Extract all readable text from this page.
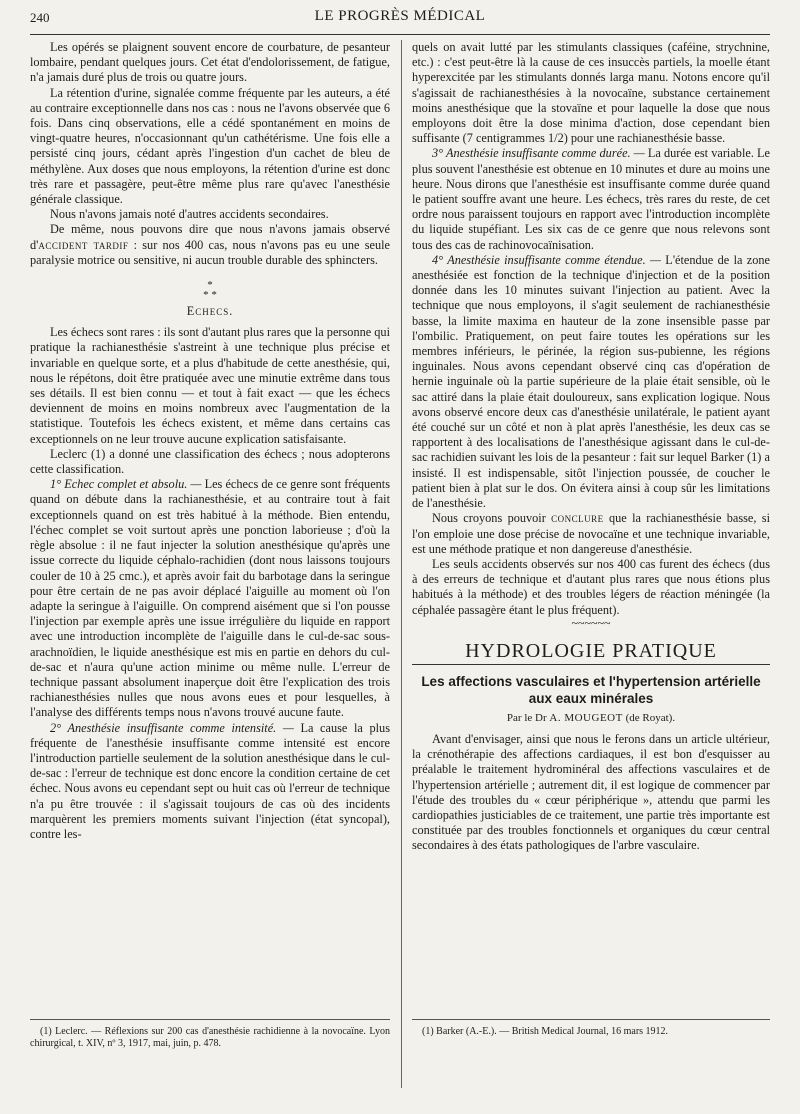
240	LE PROGRÈS MÉDICAL

Les opérés se plaignent souvent encore de courbature, de pesanteur lombaire, pendant quelques jours. Cet état d'endolorissement, de fatigue, n'a jamais duré plus de trois ou quatre jours.

La rétention d'urine, signalée comme fréquente par les auteurs, a été au contraire exceptionnelle dans nos cas : nous ne l'avons observée que 6 fois. Dans cinq observations, elle a cédé spontanément en moins de vingt-quatre heures, n'occasionnant qu'un cathétérisme. Une fois elle a persisté cinq jours, cédant après l'ingestion d'un cachet de bleu de méthylène. Aux doses que nous employons, la rétention d'urine est donc très rare et passagère, peut-être même plus rare qu'avec l'anesthésie générale classique.

Nous n'avons jamais noté d'autres accidents secondaires.

De même, nous pouvons dire que nous n'avons jamais observé d'accident tardif : sur nos 400 cas, nous n'avons pas eu une seule paralysie motrice ou sensitive, ni aucun trouble durable des sphincters.

*
* *

Echecs.

Les échecs sont rares : ils sont d'autant plus rares que la personne qui pratique la rachianesthésie s'astreint à une technique plus précise et invariable en quelque sorte, et a plus d'habitude de cette anesthésie, qui, nous le répétons, doit être pratiquée avec une minutie extrême dans tous ses détails. Il est bien connu — et tout à fait exact — que les échecs deviennent de moins en moins nombreux avec l'augmentation de la statistique. Toutefois les échecs existent, et même dans certains cas exceptionnels on ne leur trouve aucune explication satisfaisante.

Leclerc (1) a donné une classification des échecs ; nous adopterons cette classification.

1° Echec complet et absolu. — Les échecs de ce genre sont fréquents quand on débute dans la rachianesthésie, et au contraire tout à fait exceptionnels quand on est très habitué à la méthode. Bien entendu, l'échec complet se voit surtout après une ponction laborieuse ; d'où la règle absolue : il ne faut injecter la solution anesthésique qu'après une issue correcte du liquide céphalo-rachidien (dont nous laissons toujours couler de 10 à 25 cmc.), et après avoir fait du barbotage dans la seringue pour être certain de ne pas avoir déplacé l'aiguille au moment où l'on adapte la seringue à l'aiguille. On comprend aisément que si l'on pousse l'injection par exemple après une issue irrégulière du liquide en rapport avec une introduction incomplète de l'aiguille dans le cul-de-sac sous-arachnoïdien, le liquide anesthésique est mis en partie en dehors du cul-de-sac et n'aura qu'une action minime ou même nulle. L'erreur de technique passant absolument inaperçue doit être l'explication des trois rachianesthésies nulles que nous avons eues et pour lesquelles, à l'analyse des différents temps nous n'avons trouvé aucune faute.

2° Anesthésie insuffisante comme intensité. — La cause la plus fréquente de l'anesthésie insuffisante comme intensité est encore l'introduction partielle seulement de la solution anesthésique dans le cul-de-sac : l'erreur de technique est donc encore la condition certaine de cet échec. Nous avons eu cependant sept ou huit cas où l'erreur de technique n'a pu être trouvée : il s'agissait toujours de cas où des incidents marquèrent les premiers moments suivant l'injection (état syncopal), contre les-

quels on avait lutté par les stimulants classiques (caféine, strychnine, etc.) : c'est peut-être là la cause de ces insuccès partiels, la moelle étant hyperexcitée par les stimulants donnés larga manu. Notons encore qu'il s'agissait de rachianesthésies à la novocaïne, substance certainement moins anesthésique que la stovaïne et pour laquelle la dose que nous employons doit être la dose minima d'action, dose cependant bien suffisante (7 centigrammes 1/2) pour une rachianesthésie basse.

3° Anesthésie insuffisante comme durée. — La durée est variable. Le plus souvent l'anesthésie est obtenue en 10 minutes et dure au moins une heure. Nous dirons que l'anesthésie est insuffisante comme durée quand le patient souffre avant une heure. Les échecs, très rares du reste, de cet ordre nous paraissent toujours en rapport avec l'introduction incomplète du liquide stupéfiant. Les six cas de ce genre que nous relevons sont tous des cas de rachinovocaïnisation.

4° Anesthésie insuffisante comme étendue. — L'étendue de la zone anesthésiée est fonction de la technique d'injection et de la position donnée dans les 10 minutes suivant l'injection au patient. Avec la technique que nous employons, il s'agit seulement de rachianesthésie basse, la limite maxima en hauteur de la zone insensible passe par l'ombilic. Pratiquement, on peut faire toutes les opérations sur les membres inférieurs, le périnée, la région sus-pubienne, les régions inguinales. Nous avons cependant observé cinq cas d'opération de hernie inguinale où la partie supérieure de la plaie était sensible, où le sac attiré dans la plaie était douloureux, sans explication logique. Nous avons observé encore deux cas d'anesthésie unilatérale, le patient ayant été couché sur un côté et non à plat après l'anesthésie, les deux cas se rapportent à des localisations de l'anesthésique agissant dans le cul-de-sac rachidien suivant les lois de la pesanteur : fait sur lequel Barker (1) a insisté. Il est indispensable, sitôt l'injection poussée, de coucher le patient bien à plat sur le dos. On évitera ainsi à coup sûr les limitations de l'anesthésie.

Nous croyons pouvoir conclure que la rachianesthésie basse, si l'on emploie une dose précise de novocaïne et une technique invariable, est une méthode pratique et non dangereuse d'anesthésie.

Les seuls accidents observés sur nos 400 cas furent des échecs (dus à des erreurs de technique et d'autant plus rares que nous étions plus habitués à la méthode) et des troubles légers de réaction méningée (la céphalée passagère étant le plus fréquent).

~~~~~~

HYDROLOGIE PRATIQUE

Les affections vasculaires et l'hypertension artérielle aux eaux minérales

Par le Dr A. MOUGEOT (de Royat).

Avant d'envisager, ainsi que nous le ferons dans un article ultérieur, la crénothérapie des affections cardiaques, il est bon d'esquisser au préalable le traitement hydrominéral des affections vasculaires et de l'hypertension artérielle ; autrement dit, il est logique de commencer par l'étude des troubles du « cœur périphérique », attendu que parmi les cardiopathies justiciables de ce traitement, une partie très importante est constituée par des troubles fonctionnels et organiques du cœur central secondaires à des états pathologiques de l'arbre vasculaire.

(1) Leclerc. — Réflexions sur 200 cas d'anesthésie rachidienne à la novocaïne. Lyon chirurgical, t. XIV, nº 3, 1917, mai, juin, p. 478.

(1) Barker (A.-E.). — British Medical Journal, 16 mars 1912.
